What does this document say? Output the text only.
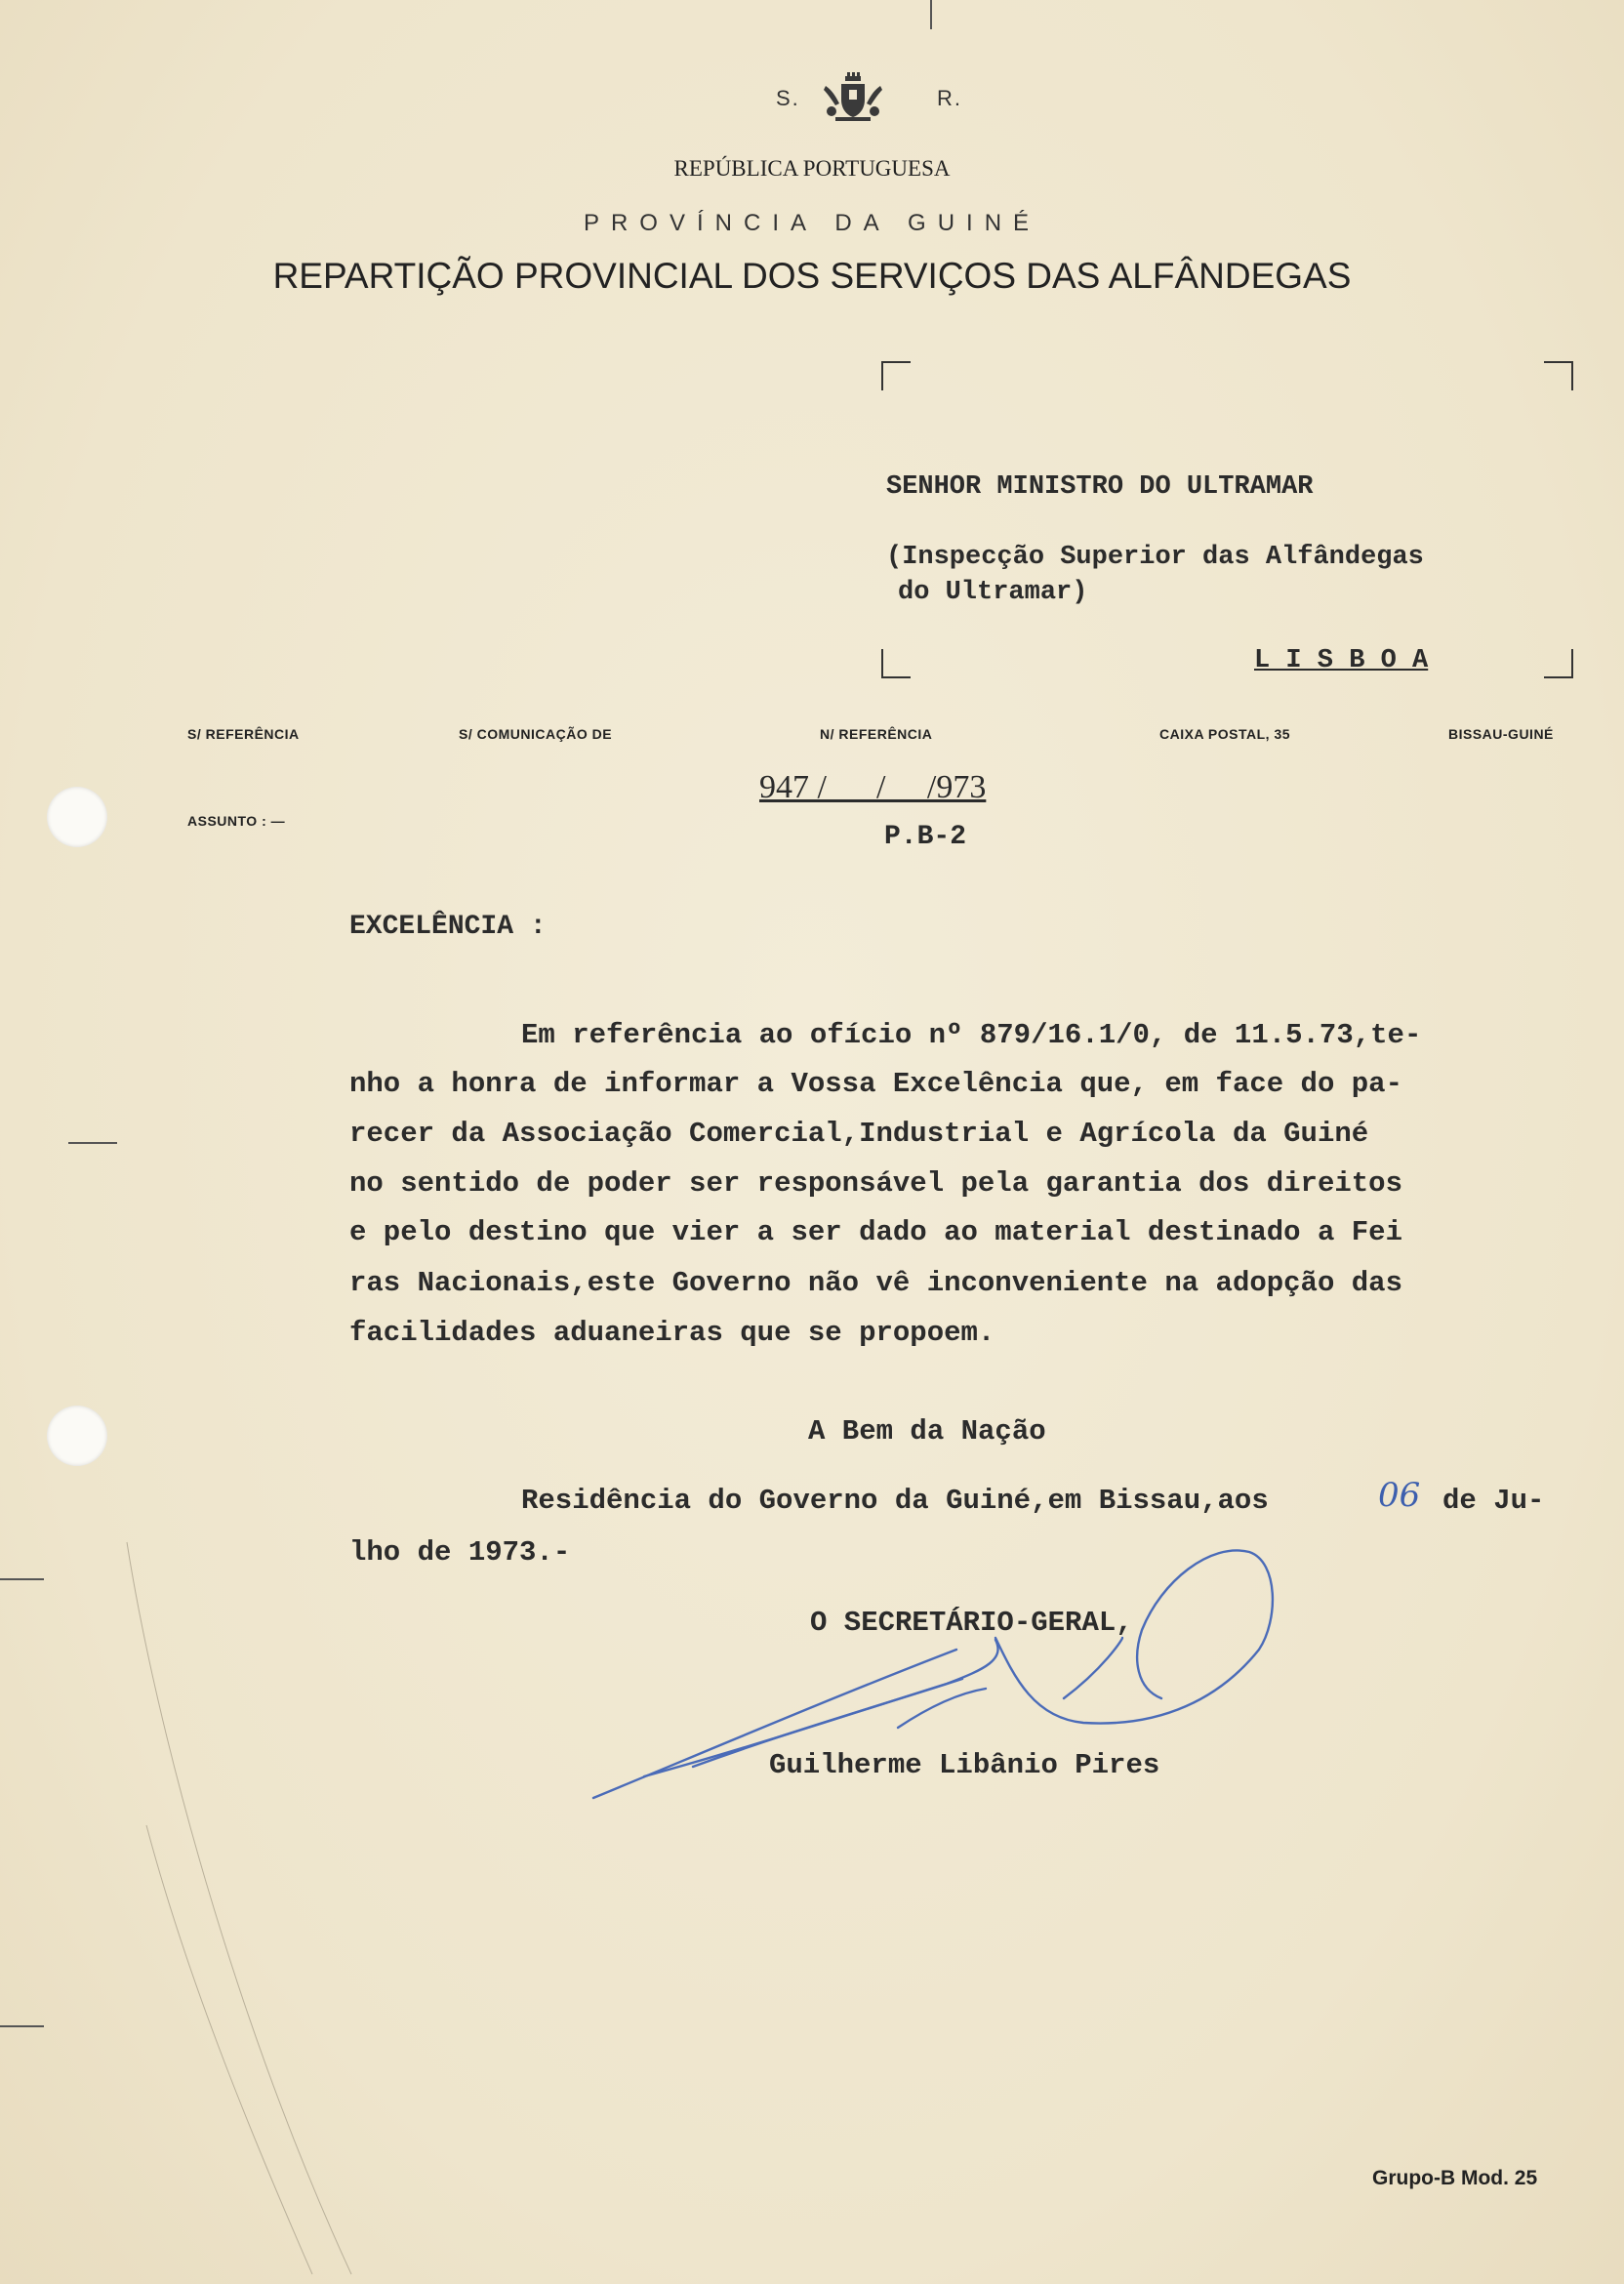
S.	R.
REPÚBLICA PORTUGUESA
PROVÍNCIA DA GUINÉ
REPARTIÇÃO PROVINCIAL DOS SERVIÇOS DAS ALFÂNDEGAS
SENHOR MINISTRO DO ULTRAMAR
(Inspecção Superior das Alfândegas
do Ultramar)
L I S B O A
S/ REFERÊNCIA	S/ COMUNICAÇÃO DE	N/ REFERÊNCIA	CAIXA POSTAL, 35	BISSAU-GUINÉ
ASSUNTO : —
947 /      /     /973
P.B-2
EXCELÊNCIA :
Em referência ao ofício nº 879/16.1/0, de 11.5.73,te-
nho a honra de informar a Vossa Excelência que, em face do pa-
recer da Associação Comercial,Industrial e Agrícola da Guiné
no sentido de poder ser responsável pela garantia dos direitos
e pelo destino que vier a ser dado ao material destinado a Fei
ras Nacionais,este Governo não vê inconveniente na adopção das
facilidades aduaneiras que se propoem.
A Bem da Nação
Residência do Governo da Guiné,em Bissau,aos	06 de Ju-
lho de 1973.-
O SECRETÁRIO-GERAL,
Guilherme Libânio Pires
Grupo-B Mod. 25
